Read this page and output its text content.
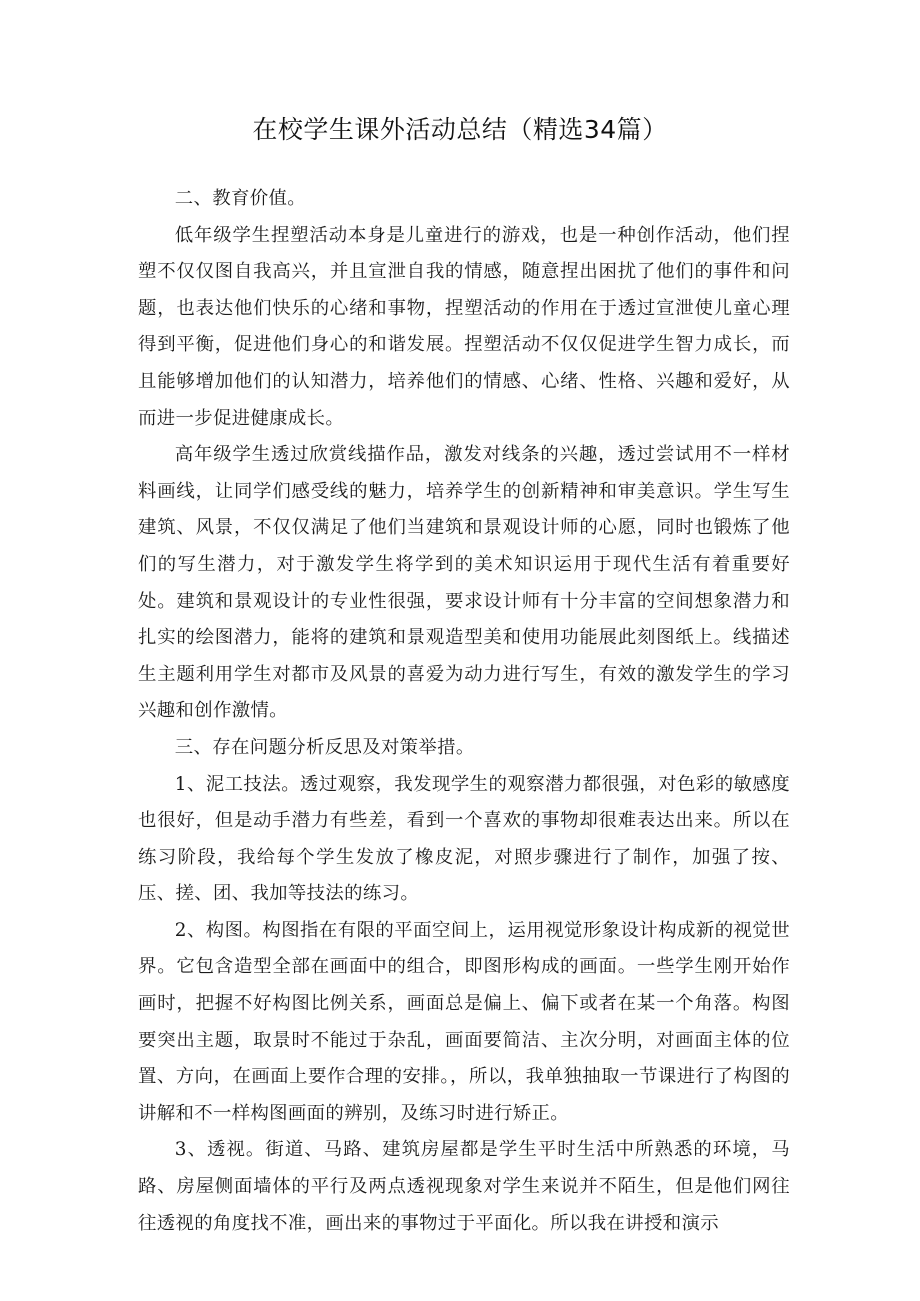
在校学生课外活动总结（精选34篇）

二、教育价值。

低年级学生捏塑活动本身是儿童进行的游戏，也是一种创作活动，他们捏塑不仅仅图自我高兴，并且宣泄自我的情感，随意捏出困扰了他们的事件和问题，也表达他们快乐的心绪和事物，捏塑活动的作用在于透过宣泄使儿童心理得到平衡，促进他们身心的和谐发展。捏塑活动不仅仅促进学生智力成长，而且能够增加他们的认知潜力，培养他们的情感、心绪、性格、兴趣和爱好，从而进一步促进健康成长。

高年级学生透过欣赏线描作品，激发对线条的兴趣，透过尝试用不一样材料画线，让同学们感受线的魅力，培养学生的创新精神和审美意识。学生写生建筑、风景，不仅仅满足了他们当建筑和景观设计师的心愿，同时也锻炼了他们的写生潜力，对于激发学生将学到的美术知识运用于现代生活有着重要好处。建筑和景观设计的专业性很强，要求设计师有十分丰富的空间想象潜力和扎实的绘图潜力，能将的建筑和景观造型美和使用功能展此刻图纸上。线描述生主题利用学生对都市及风景的喜爱为动力进行写生，有效的激发学生的学习兴趣和创作激情。

三、存在问题分析反思及对策举措。

1、泥工技法。透过观察，我发现学生的观察潜力都很强，对色彩的敏感度也很好，但是动手潜力有些差，看到一个喜欢的事物却很难表达出来。所以在练习阶段，我给每个学生发放了橡皮泥，对照步骤进行了制作，加强了按、压、搓、团、我加等技法的练习。

2、构图。构图指在有限的平面空间上，运用视觉形象设计构成新的视觉世界。它包含造型全部在画面中的组合，即图形构成的画面。一些学生刚开始作画时，把握不好构图比例关系，画面总是偏上、偏下或者在某一个角落。构图要突出主题，取景时不能过于杂乱，画面要简洁、主次分明，对画面主体的位置、方向，在画面上要作合理的安排。，所以，我单独抽取一节课进行了构图的讲解和不一样构图画面的辨别，及练习时进行矫正。

3、透视。街道、马路、建筑房屋都是学生平时生活中所熟悉的环境，马路、房屋侧面墙体的平行及两点透视现象对学生来说并不陌生，但是他们网往往透视的角度找不准，画出来的事物过于平面化。所以我在讲授和演示
